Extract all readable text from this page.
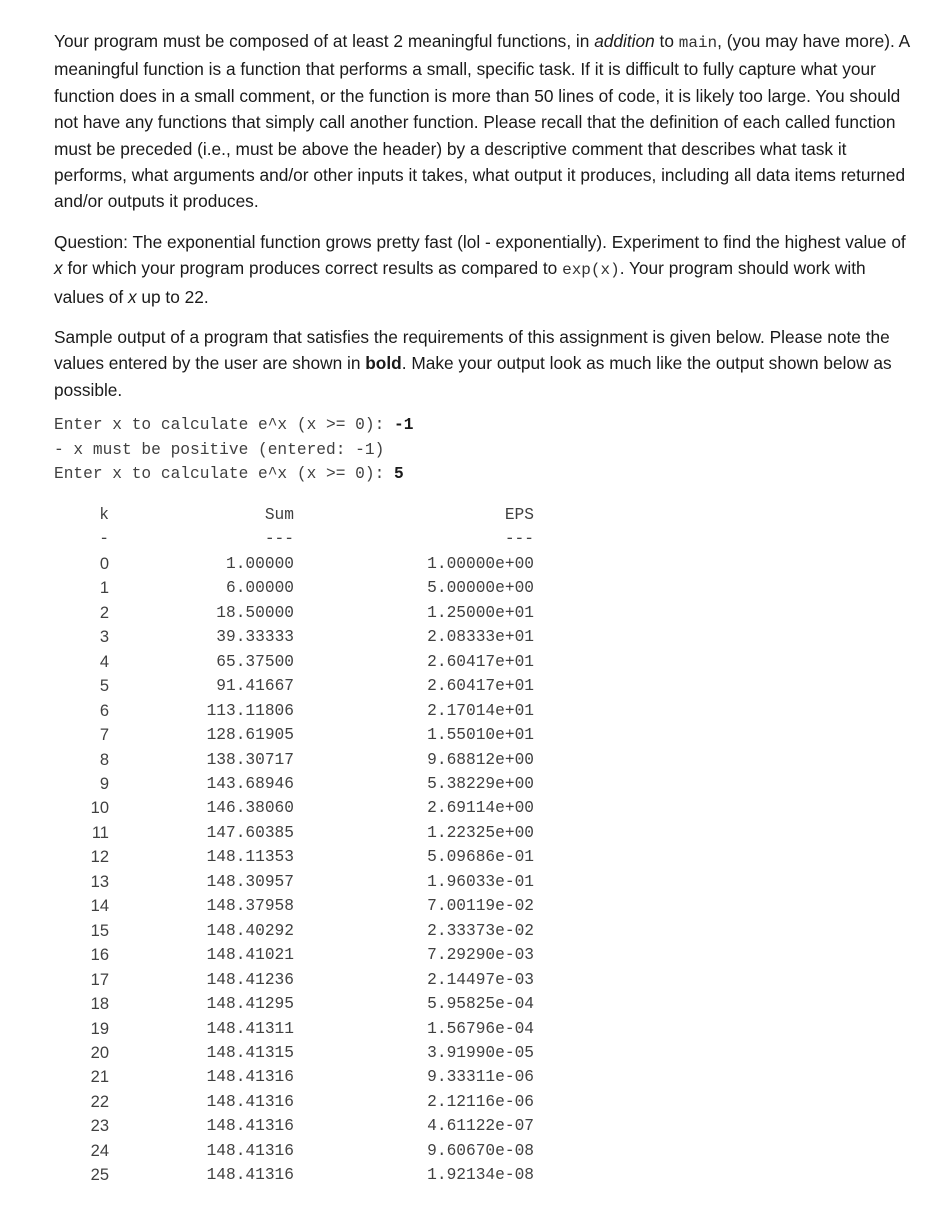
Your program must be composed of at least 2 meaningful functions, in addition to main, (you may have more). A meaningful function is a function that performs a small, specific task. If it is difficult to fully capture what your function does in a small comment, or the function is more than 50 lines of code, it is likely too large. You should not have any functions that simply call another function. Please recall that the definition of each called function must be preceded (i.e., must be above the header) by a descriptive comment that describes what task it performs, what arguments and/or other inputs it takes, what output it produces, including all data items returned and/or outputs it produces.

Question: The exponential function grows pretty fast (lol - exponentially). Experiment to find the highest value of x for which your program produces correct results as compared to exp(x). Your program should work with values of x up to 22.

Sample output of a program that satisfies the requirements of this assignment is given below. Please note the values entered by the user are shown in bold. Make your output look as much like the output shown below as possible.

Enter x to calculate e^x (x >= 0): -1
- x must be positive (entered: -1)
Enter x to calculate e^x (x >= 0): 5
k	Sum	EPS
-	---	---
0	1.00000	1.00000e+00
1	6.00000	5.00000e+00
2	18.50000	1.25000e+01
3	39.33333	2.08333e+01
4	65.37500	2.60417e+01
5	91.41667	2.60417e+01
6	113.11806	2.17014e+01
7	128.61905	1.55010e+01
8	138.30717	9.68812e+00
9	143.68946	5.38229e+00
10	146.38060	2.69114e+00
11	147.60385	1.22325e+00
12	148.11353	5.09686e-01
13	148.30957	1.96033e-01
14	148.37958	7.00119e-02
15	148.40292	2.33373e-02
16	148.41021	7.29290e-03
17	148.41236	2.14497e-03
18	148.41295	5.95825e-04
19	148.41311	1.56796e-04
20	148.41315	3.91990e-05
21	148.41316	9.33311e-06
22	148.41316	2.12116e-06
23	148.41316	4.61122e-07
24	148.41316	9.60670e-08
25	148.41316	1.92134e-08
